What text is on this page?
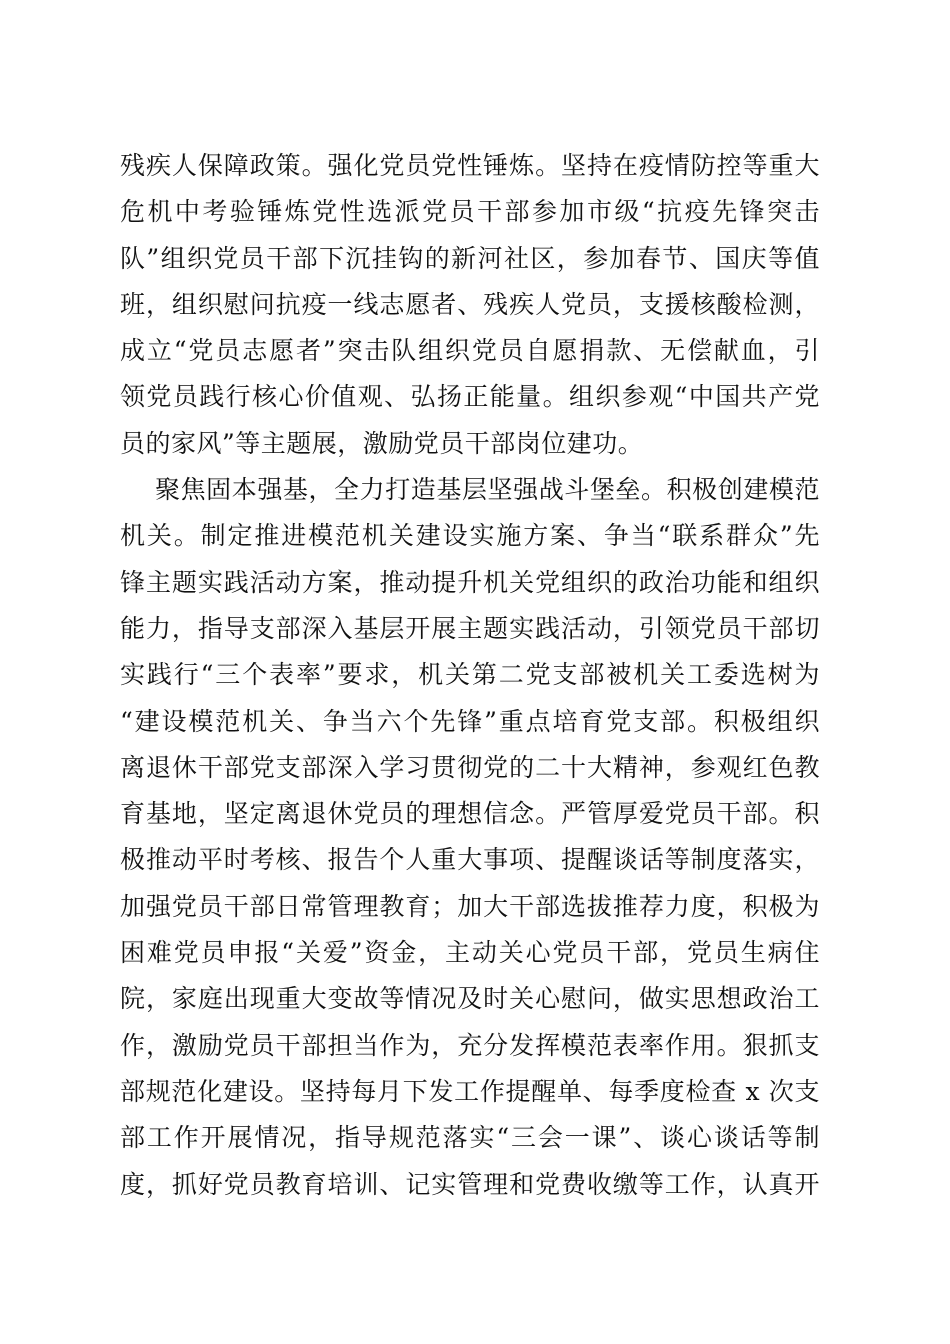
残疾人保障政策。强化党员党性锤炼。坚持在疫情防控等重大
危机中考验锤炼党性选派党员干部参加市级“抗疫先锋突击
队”组织党员干部下沉挂钩的新河社区，参加春节、国庆等值
班，组织慰问抗疫一线志愿者、残疾人党员，支援核酸检测，
成立“党员志愿者”突击队组织党员自愿捐款、无偿献血，引
领党员践行核心价值观、弘扬正能量。组织参观“中国共产党
员的家风”等主题展，激励党员干部岗位建功。
聚焦固本强基，全力打造基层坚强战斗堡垒。积极创建模范
机关。制定推进模范机关建设实施方案、争当“联系群众”先
锋主题实践活动方案，推动提升机关党组织的政治功能和组织
能力，指导支部深入基层开展主题实践活动，引领党员干部切
实践行“三个表率”要求，机关第二党支部被机关工委选树为
“建设模范机关、争当六个先锋”重点培育党支部。积极组织
离退休干部党支部深入学习贯彻党的二十大精神，参观红色教
育基地，坚定离退休党员的理想信念。严管厚爱党员干部。积
极推动平时考核、报告个人重大事项、提醒谈话等制度落实，
加强党员干部日常管理教育；加大干部选拔推荐力度，积极为
困难党员申报“关爱”资金，主动关心党员干部，党员生病住
院，家庭出现重大变故等情况及时关心慰问，做实思想政治工
作，激励党员干部担当作为，充分发挥模范表率作用。狠抓支
部规范化建设。坚持每月下发工作提醒单、每季度检查 x 次支
部工作开展情况，指导规范落实“三会一课”、谈心谈话等制
度，抓好党员教育培训、记实管理和党费收缴等工作，认真开
